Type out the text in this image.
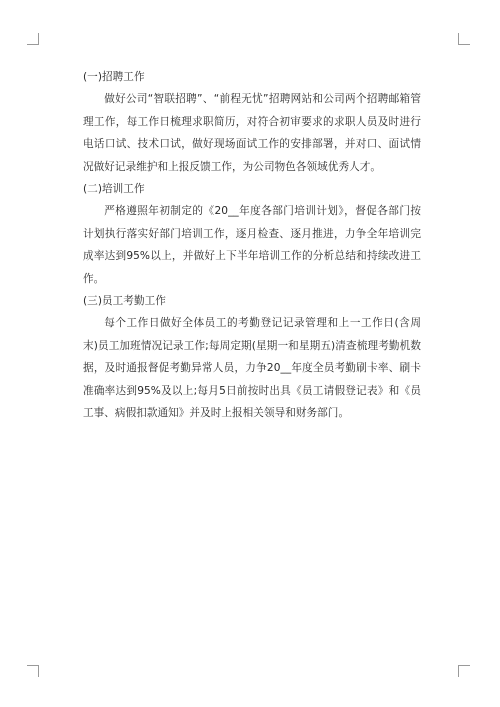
(一)招聘工作

做好公司“智联招聘”、“前程无忧”招聘网站和公司两个招聘邮箱管理工作，每工作日梳理求职简历，对符合初审要求的求职人员及时进行电话口试、技术口试，做好现场面试工作的安排部署，并对口、面试情况做好记录维护和上报反馈工作，为公司物色各领域优秀人才。

(二)培训工作

严格遵照年初制定的《20__年度各部门培训计划》，督促各部门按计划执行落实好部门培训工作，逐月检查、逐月推进，力争全年培训完成率达到95%以上，并做好上下半年培训工作的分析总结和持续改进工作。

(三)员工考勤工作

每个工作日做好全体员工的考勤登记记录管理和上一工作日(含周末)员工加班情况记录工作;每周定期(星期一和星期五)清查梳理考勤机数据，及时通报督促考勤异常人员，力争20__年度全员考勤刷卡率、刷卡准确率达到95%及以上;每月5日前按时出具《员工请假登记表》和《员工事、病假扣款通知》并及时上报相关领导和财务部门。
